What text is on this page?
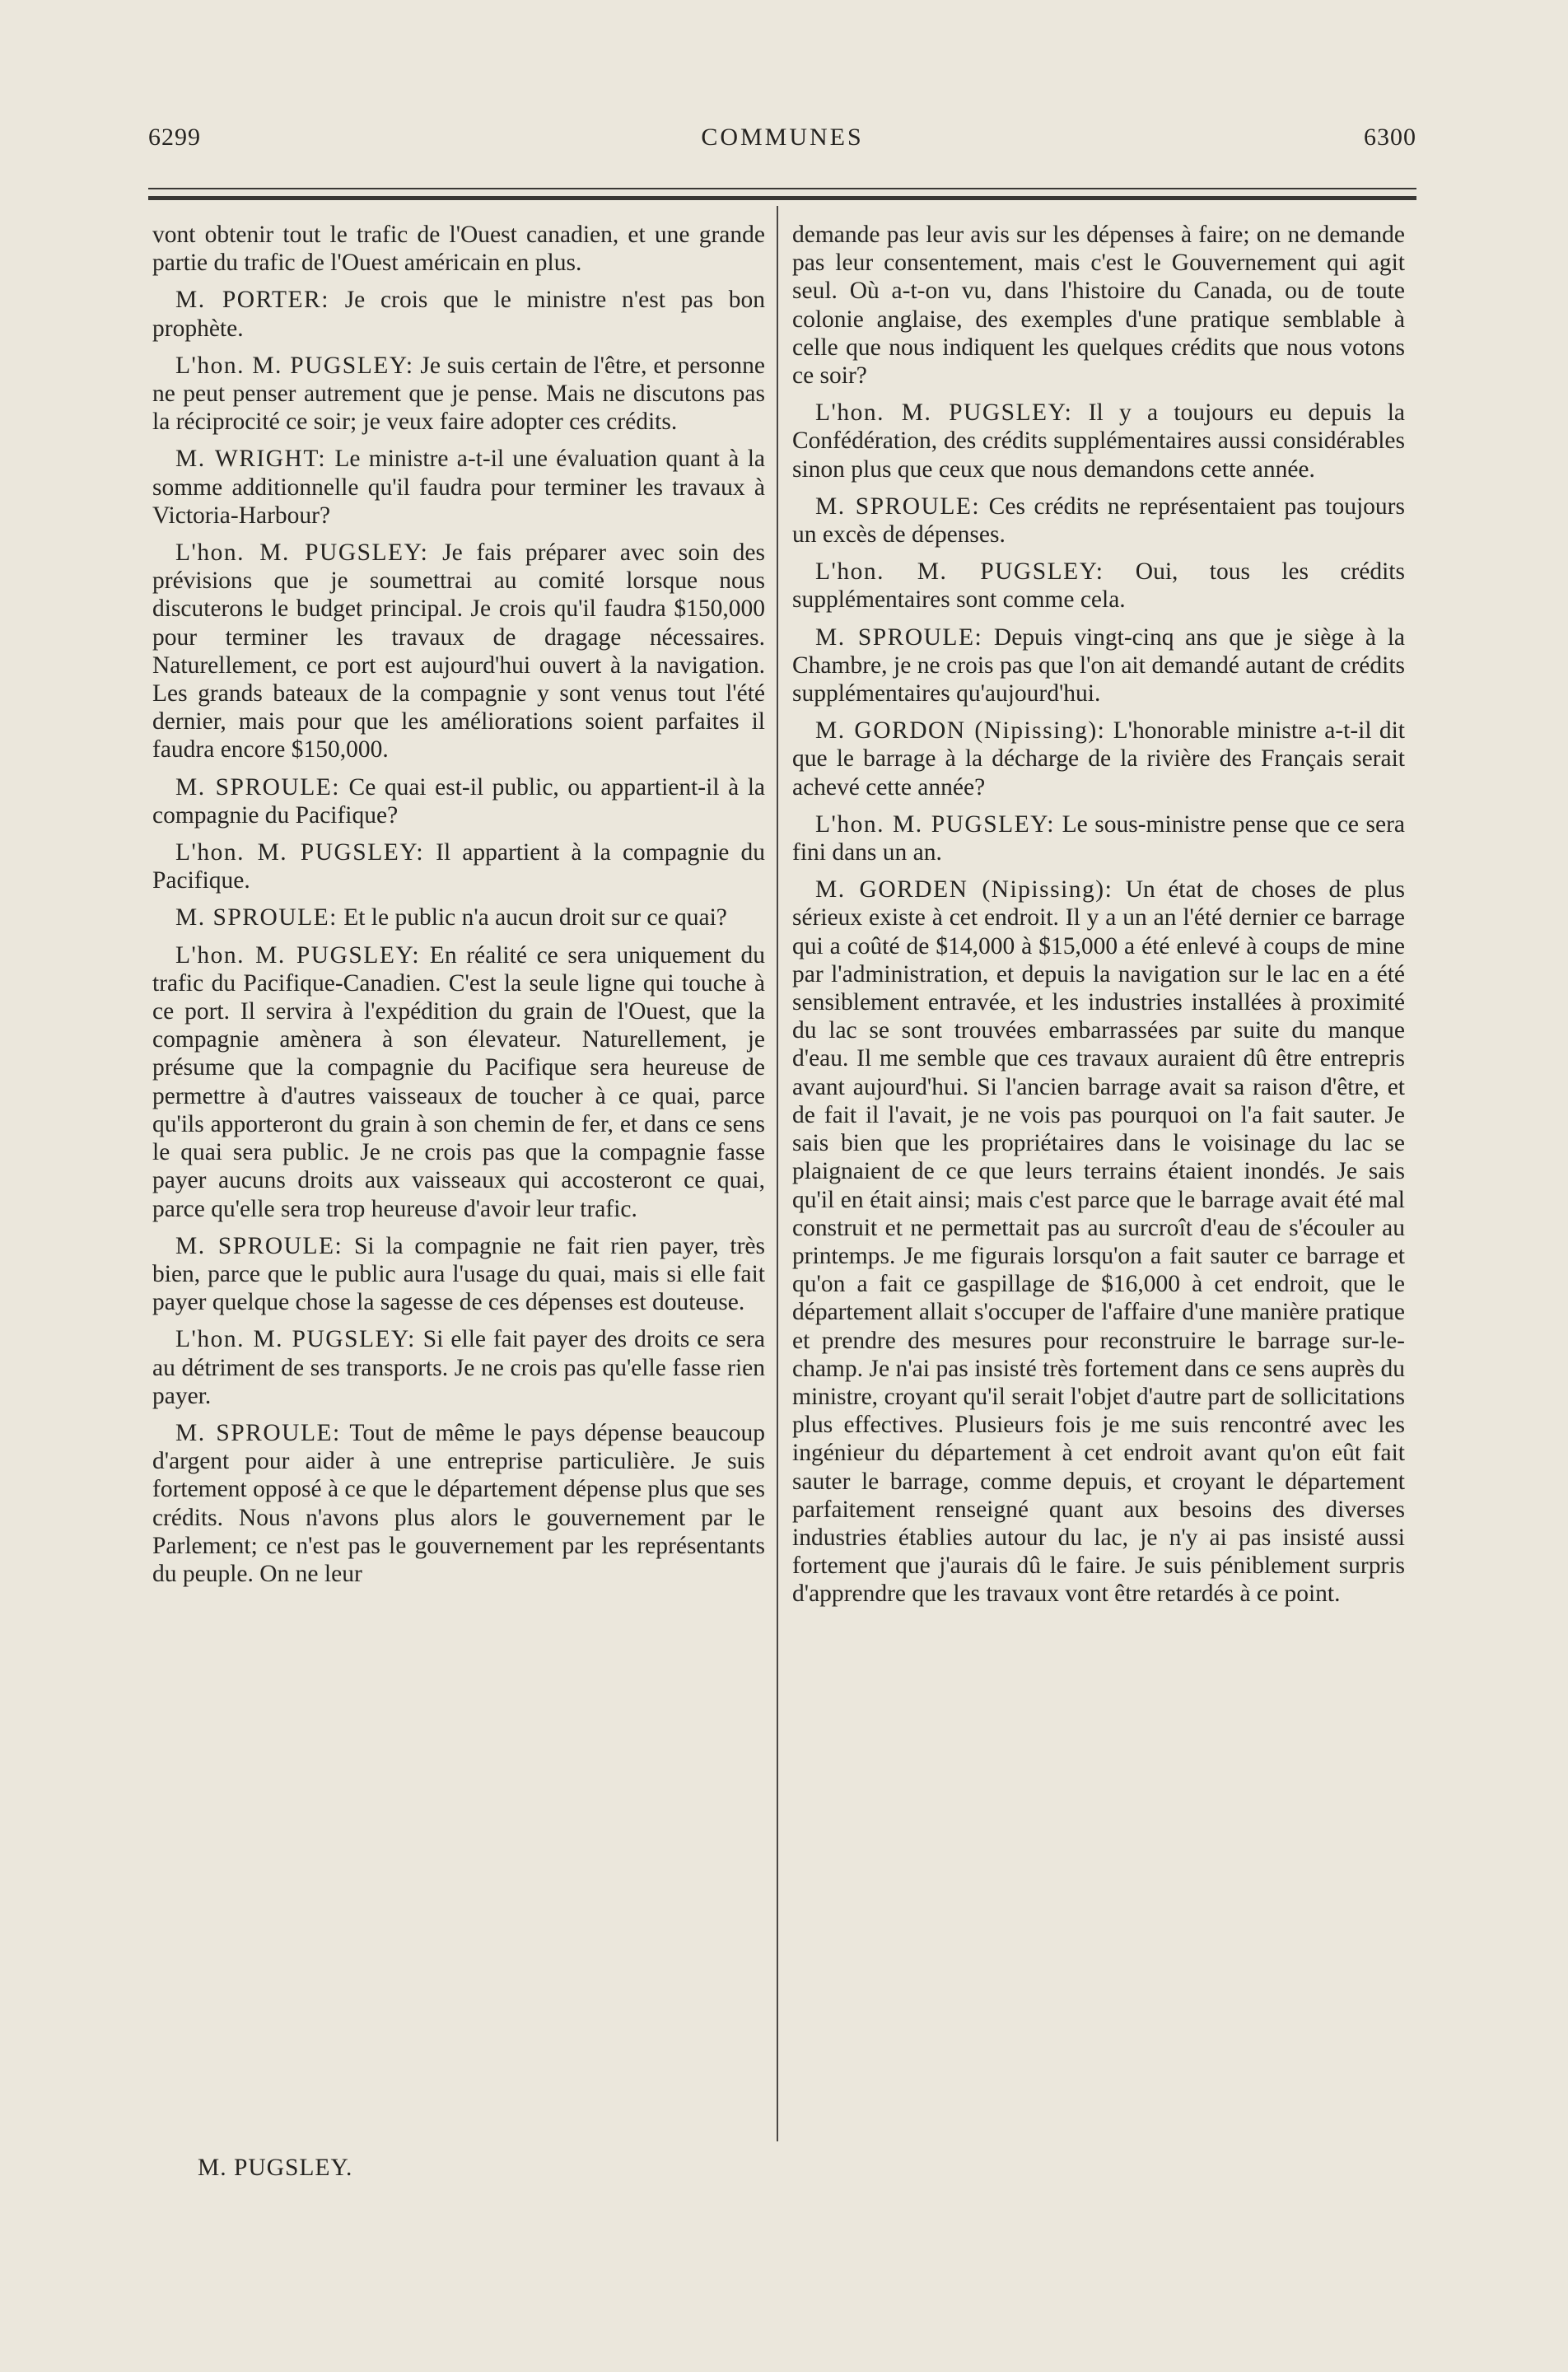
6299	COMMUNES	6300

vont obtenir tout le trafic de l'Ouest canadien, et une grande partie du trafic de l'Ouest américain en plus.

M. PORTER: Je crois que le ministre n'est pas bon prophète.

L'hon. M. PUGSLEY: Je suis certain de l'être, et personne ne peut penser autrement que je pense. Mais ne discutons pas la réciprocité ce soir; je veux faire adopter ces crédits.

M. WRIGHT: Le ministre a-t-il une évaluation quant à la somme additionnelle qu'il faudra pour terminer les travaux à Victoria-Harbour?

L'hon. M. PUGSLEY: Je fais préparer avec soin des prévisions que je soumettrai au comité lorsque nous discuterons le budget principal. Je crois qu'il faudra $150,000 pour terminer les travaux de dragage nécessaires. Naturellement, ce port est aujourd'hui ouvert à la navigation. Les grands bateaux de la compagnie y sont venus tout l'été dernier, mais pour que les améliorations soient parfaites il faudra encore $150,000.

M. SPROULE: Ce quai est-il public, ou appartient-il à la compagnie du Pacifique?

L'hon. M. PUGSLEY: Il appartient à la compagnie du Pacifique.

M. SPROULE: Et le public n'a aucun droit sur ce quai?

L'hon. M. PUGSLEY: En réalité ce sera uniquement du trafic du Pacifique-Canadien. C'est la seule ligne qui touche à ce port. Il servira à l'expédition du grain de l'Ouest, que la compagnie amènera à son élevateur. Naturellement, je présume que la compagnie du Pacifique sera heureuse de permettre à d'autres vaisseaux de toucher à ce quai, parce qu'ils apporteront du grain à son chemin de fer, et dans ce sens le quai sera public. Je ne crois pas que la compagnie fasse payer aucuns droits aux vaisseaux qui accosteront ce quai, parce qu'elle sera trop heureuse d'avoir leur trafic.

M. SPROULE: Si la compagnie ne fait rien payer, très bien, parce que le public aura l'usage du quai, mais si elle fait payer quelque chose la sagesse de ces dépenses est douteuse.

L'hon. M. PUGSLEY: Si elle fait payer des droits ce sera au détriment de ses transports. Je ne crois pas qu'elle fasse rien payer.

M. SPROULE: Tout de même le pays dépense beaucoup d'argent pour aider à une entreprise particulière. Je suis fortement opposé à ce que le département dépense plus que ses crédits. Nous n'avons plus alors le gouvernement par le Parlement; ce n'est pas le gouvernement par les représentants du peuple. On ne leur

demande pas leur avis sur les dépenses à faire; on ne demande pas leur consentement, mais c'est le Gouvernement qui agit seul. Où a-t-on vu, dans l'histoire du Canada, ou de toute colonie anglaise, des exemples d'une pratique semblable à celle que nous indiquent les quelques crédits que nous votons ce soir?

L'hon. M. PUGSLEY: Il y a toujours eu depuis la Confédération, des crédits supplémentaires aussi considérables sinon plus que ceux que nous demandons cette année.

M. SPROULE: Ces crédits ne représentaient pas toujours un excès de dépenses.

L'hon. M. PUGSLEY: Oui, tous les crédits supplémentaires sont comme cela.

M. SPROULE: Depuis vingt-cinq ans que je siège à la Chambre, je ne crois pas que l'on ait demandé autant de crédits supplémentaires qu'aujourd'hui.

M. GORDON (Nipissing): L'honorable ministre a-t-il dit que le barrage à la décharge de la rivière des Français serait achevé cette année?

L'hon. M. PUGSLEY: Le sous-ministre pense que ce sera fini dans un an.

M. GORDEN (Nipissing): Un état de choses de plus sérieux existe à cet endroit. Il y a un an l'été dernier ce barrage qui a coûté de $14,000 à $15,000 a été enlevé à coups de mine par l'administration, et depuis la navigation sur le lac en a été sensiblement entravée, et les industries installées à proximité du lac se sont trouvées embarrassées par suite du manque d'eau. Il me semble que ces travaux auraient dû être entrepris avant aujourd'hui. Si l'ancien barrage avait sa raison d'être, et de fait il l'avait, je ne vois pas pourquoi on l'a fait sauter. Je sais bien que les propriétaires dans le voisinage du lac se plaignaient de ce que leurs terrains étaient inondés. Je sais qu'il en était ainsi; mais c'est parce que le barrage avait été mal construit et ne permettait pas au surcroît d'eau de s'écouler au printemps. Je me figurais lorsqu'on a fait sauter ce barrage et qu'on a fait ce gaspillage de $16,000 à cet endroit, que le département allait s'occuper de l'affaire d'une manière pratique et prendre des mesures pour reconstruire le barrage sur-le-champ. Je n'ai pas insisté très fortement dans ce sens auprès du ministre, croyant qu'il serait l'objet d'autre part de sollicitations plus effectives. Plusieurs fois je me suis rencontré avec les ingénieur du département à cet endroit avant qu'on eût fait sauter le barrage, comme depuis, et croyant le département parfaitement renseigné quant aux besoins des diverses industries établies autour du lac, je n'y ai pas insisté aussi fortement que j'aurais dû le faire. Je suis péniblement surpris d'apprendre que les travaux vont être retardés à ce point.

M. PUGSLEY.
